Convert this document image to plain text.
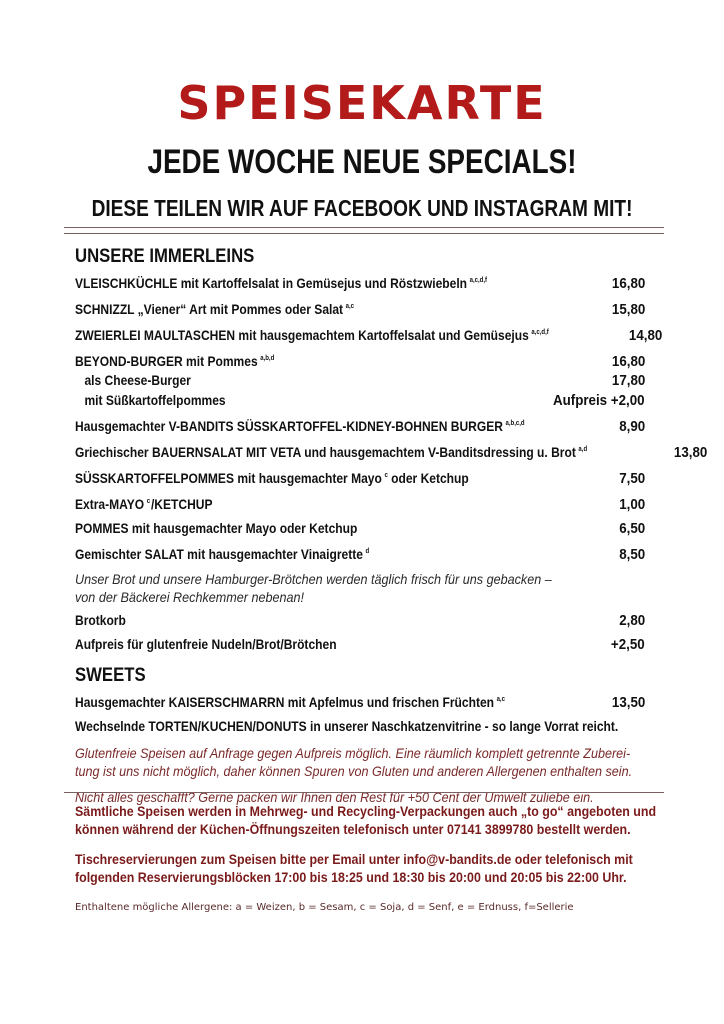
SPEISEKARTE
JEDE WOCHE NEUE SPECIALS!
DIESE TEILEN WIR AUF FACEBOOK UND INSTAGRAM MIT!
UNSERE IMMERLEINS
VLEISCHKÜCHLE mit Kartoffelsalat in Gemüsejus und Röstzwiebeln $^{a,c,d,f}$	16,80
SCHNIZZL „Viener“ Art mit Pommes oder Salat $^{a,c}$	15,80
ZWEIERLEI MAULTASCHEN mit hausgemachtem Kartoffelsalat und Gemüsejus $^{a,c,d,f}$	14,80
BEYOND-BURGER mit Pommes $^{a,b,d}$	16,80
als Cheese-Burger	17,80
mit Süßkartoffelpommes	Aufpreis +2,00
Hausgemachter V-BANDITS SÜSSKARTOFFEL-KIDNEY-BOHNEN BURGER $^{a,b,c,d}$	8,90
Griechischer BAUERNSALAT MIT VETA und hausgemachtem V-Banditsdressing u. Brot $^{a,d}$	13,80
SÜSSKARTOFFELPOMMES mit hausgemachter Mayo $^c$ oder Ketchup	7,50
Extra-MAYO $^c$/KETCHUP	1,00
POMMES mit hausgemachter Mayo oder Ketchup	6,50
Gemischter SALAT mit hausgemachter Vinaigrette $^d$	8,50
Unser Brot und unsere Hamburger-Brötchen werden täglich frisch für uns gebacken –
von der Bäckerei Rechkemmer nebenan!
Brotkorb	2,80
Aufpreis für glutenfreie Nudeln/Brot/Brötchen	+2,50
SWEETS
Hausgemachter KAISERSCHMARRN mit Apfelmus und frischen Früchten $^{a,c}$	13,50
Wechselnde TORTEN/KUCHEN/DONUTS in unserer Naschkatzenvitrine - so lange Vorrat reicht.
Glutenfreie Speisen auf Anfrage gegen Aufpreis möglich. Eine räumlich komplett getrennte Zuberei-
tung ist uns nicht möglich, daher können Spuren von Gluten und anderen Allergenen enthalten sein.
Nicht alles geschafft? Gerne packen wir Ihnen den Rest für +50 Cent der Umwelt zuliebe ein.
Sämtliche Speisen werden in Mehrweg- und Recycling-Verpackungen auch „to go“ angeboten und
können während der Küchen-Öffnungszeiten telefonisch unter 07141 3899780 bestellt werden.
Tischreservierungen zum Speisen bitte per Email unter info@v-bandits.de oder telefonisch mit
folgenden Reservierungsblöcken 17:00 bis 18:25 und 18:30 bis 20:00 und 20:05 bis 22:00 Uhr.
Enthaltene mögliche Allergene: a = Weizen, b = Sesam, c = Soja, d = Senf, e = Erdnuss, f=Sellerie
